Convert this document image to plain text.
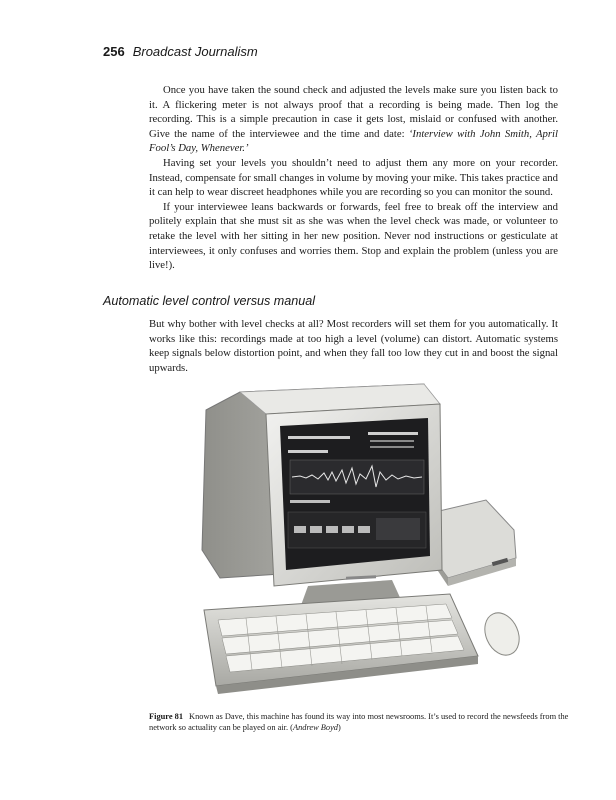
256 Broadcast Journalism

Once you have taken the sound check and adjusted the levels make sure you listen back to it. A flickering meter is not always proof that a recording is being made. Then log the recording. This is a simple precaution in case it gets lost, mislaid or confused with another. Give the name of the interviewee and the time and date: ‘Interview with John Smith, April Fool’s Day, Whenever.’

Having set your levels you shouldn’t need to adjust them any more on your recorder. Instead, compensate for small changes in volume by moving your mike. This takes practice and it can help to wear discreet headphones while you are recording so you can monitor the sound.

If your interviewee leans backwards or forwards, feel free to break off the interview and politely explain that she must sit as she was when the level check was made, or volunteer to retake the level with her sitting in her new position. Never nod instructions or gesticulate at interviewees, it only confuses and worries them. Stop and explain the problem (unless you are live!).

Automatic level control versus manual

But why bother with level checks at all? Most recorders will set them for you automatically. It works like this: recordings made at too high a level (volume) can distort. Automatic systems keep signals below distortion point, and when they fall too low they cut in and boost the signal upwards.

Figure 81 Known as Dave, this machine has found its way into most newsrooms. It’s used to record the newsfeeds from the network so actuality can be played on air. (Andrew Boyd)
